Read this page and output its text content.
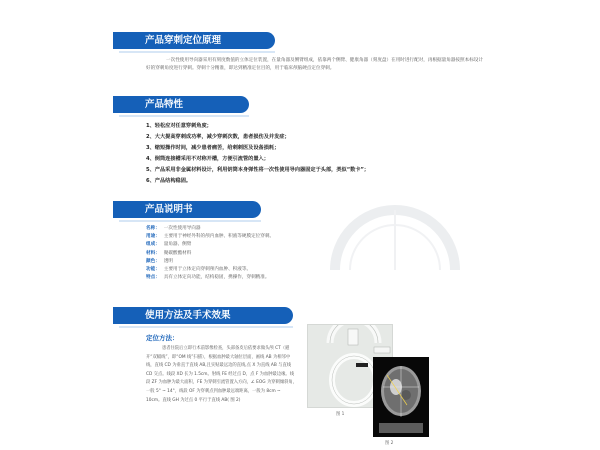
产品穿刺定位原理
一次性使用导向器采用有刻度数值的立体定位装置，在量角器及侧臂组成，依靠两个侧臂、健康角器（刻度盘）在用时进行配对，再根据量角器按照本标设计好的穿刺角度进行穿刺。穿刺十分精准，即达到精准定位目的，用于临床颅脑硬点定位穿刺。
产品特性
1、轻松应对任意穿刺角度；
2、大大提高穿刺成功率，减少穿刺次数，患者损伤及并发症；
3、缩短操作时间，减少患者痛苦，给刺刺医及设备损耗；
4、倒筒连接槽采用不对称开槽，方便引流管的置入；
5、产品采用非金属材料设计，利用钥筒本身弹性将一次性使用导向器固定于头部，类似“数卡”；
6、产品结构稳固。
产品说明书
名称： 一次性使用导向器
用途： 主要用于神经外科的颅内血肿、积液等硬膜定位穿刺。
组成： 量角器、侧臂
材料： 聚碳酸酯材料
颜色： 透明
功能： 主要用于立体定向穿刺颅内血肿、积液等。
特点： 具有立体定向功能，结构稳固，携操作，穿刺精准。
使用方法及手术效果
定位方法：
患者住院后立即行术前影像检查，头部备皮后依要求做头颅 CT（避开“双幅线”，即“OM 线”扫描），根据血肿最大轴位层面，画线 AB 为相邻中线，直线 CD 为垂直于直线 AB,且实贴最远边的直线,点 X 为直线 AB 与直线 CD 交点。线段 XD 长为 1.5cm。射线 FE 经过点 D，点 F 为血肿最边缘。线段 ZF 为血肿为最大面积，FE 为穿刺引流管置入方向，∠ EOG 为穿刺倾斜角，一般 5° ~ 14°，线段 OF 为穿刺点到血肿最远端距离，一般为 8cm ~ 10cm。直线 GH 为过点 0 平行于直线 AB( 图 2)
图 1
图 2
